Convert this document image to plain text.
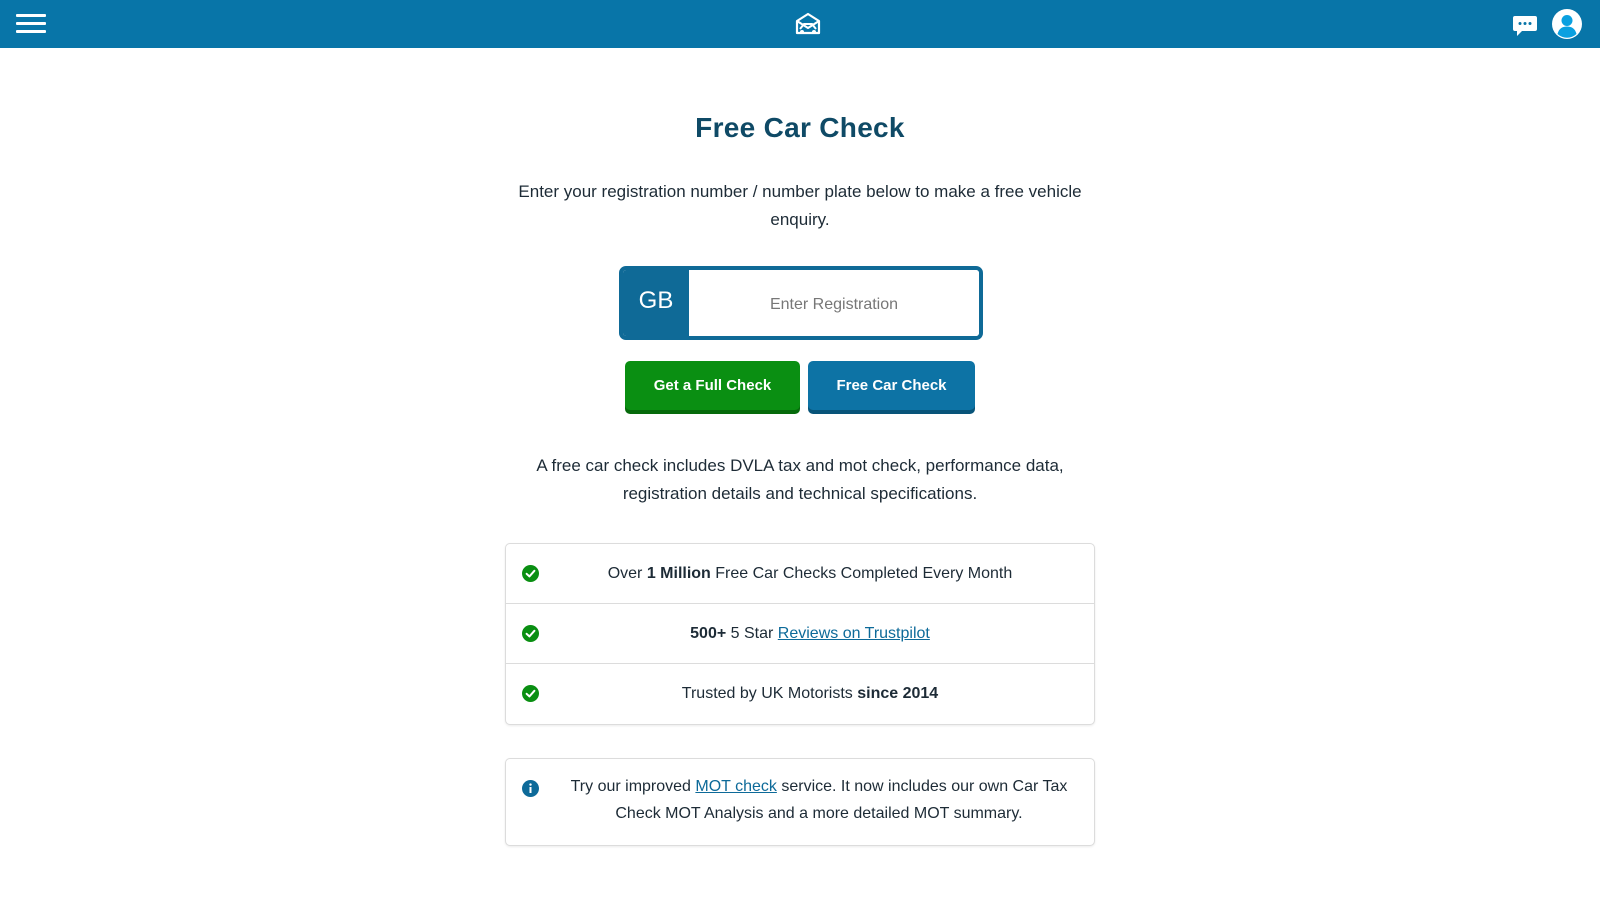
Free Car Check

Enter your registration number / number plate below to make a free vehicle enquiry.

GB
Enter Registration
Get a Full Check	Free Car Check

A free car check includes DVLA tax and mot check, performance data, registration details and technical specifications.

Over 1 Million Free Car Checks Completed Every Month
500+ 5 Star Reviews on Trustpilot
Trusted by UK Motorists since 2014

Try our improved MOT check service. It now includes our own Car Tax Check MOT Analysis and a more detailed MOT summary.
